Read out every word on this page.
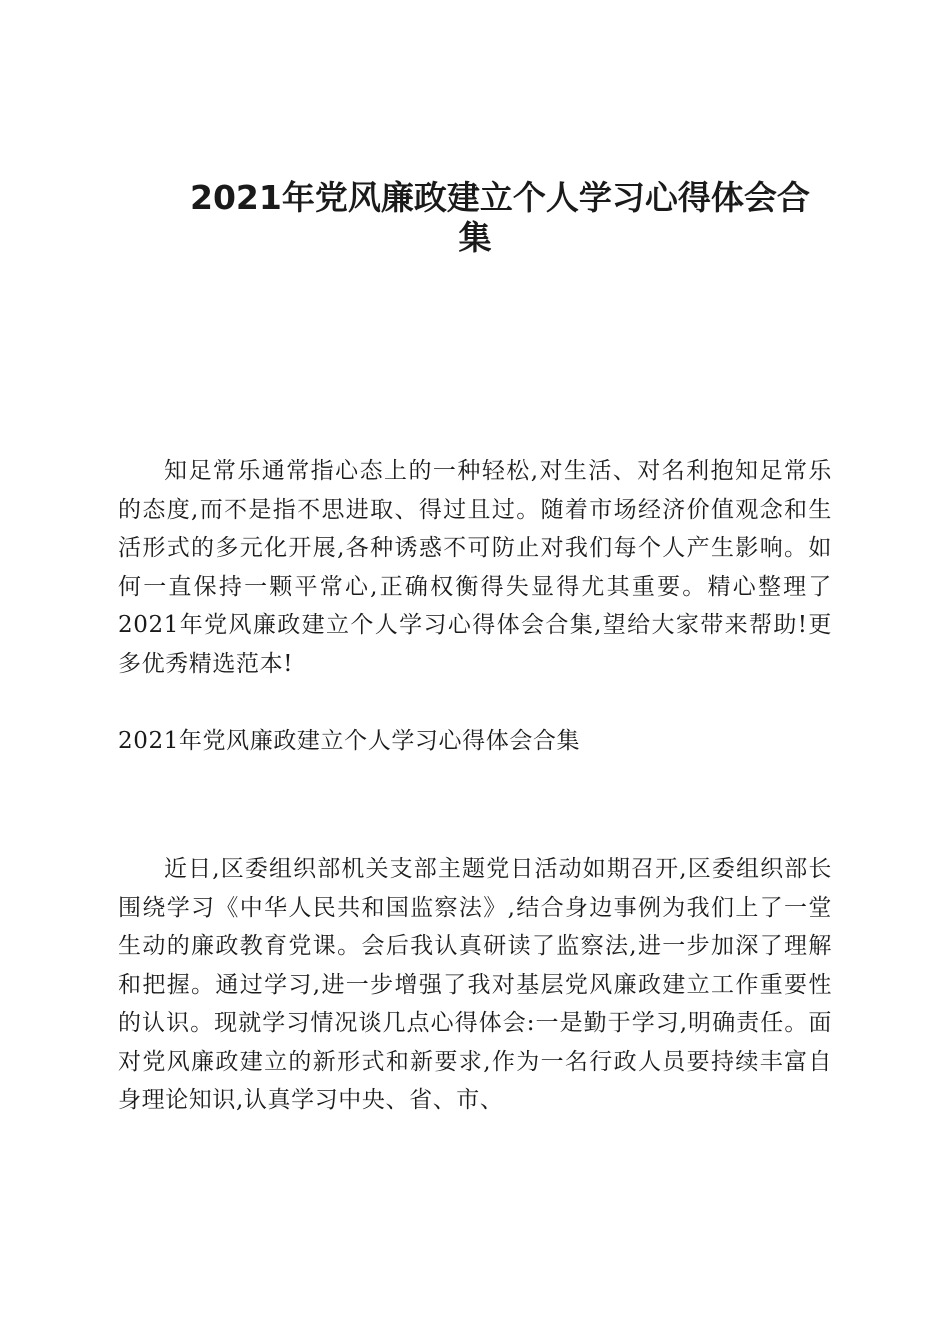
2021年党风廉政建立个人学习心得体会合
集

知足常乐通常指心态上的一种轻松,对生活、对名利抱知足常乐的态度,而不是指不思进取、得过且过。随着市场经济价值观念和生活形式的多元化开展,各种诱惑不可防止对我们每个人产生影响。如何一直保持一颗平常心,正确权衡得失显得尤其重要。精心整理了2021年党风廉政建立个人学习心得体会合集,望给大家带来帮助!更多优秀精选范本!

2021年党风廉政建立个人学习心得体会合集

近日,区委组织部机关支部主题党日活动如期召开,区委组织部长围绕学习《中华人民共和国监察法》,结合身边事例为我们上了一堂生动的廉政教育党课。会后我认真研读了监察法,进一步加深了理解和把握。通过学习,进一步增强了我对基层党风廉政建立工作重要性的认识。现就学习情况谈几点心得体会:一是勤于学习,明确责任。面对党风廉政建立的新形式和新要求,作为一名行政人员要持续丰富自身理论知识,认真学习中央、省、市、
